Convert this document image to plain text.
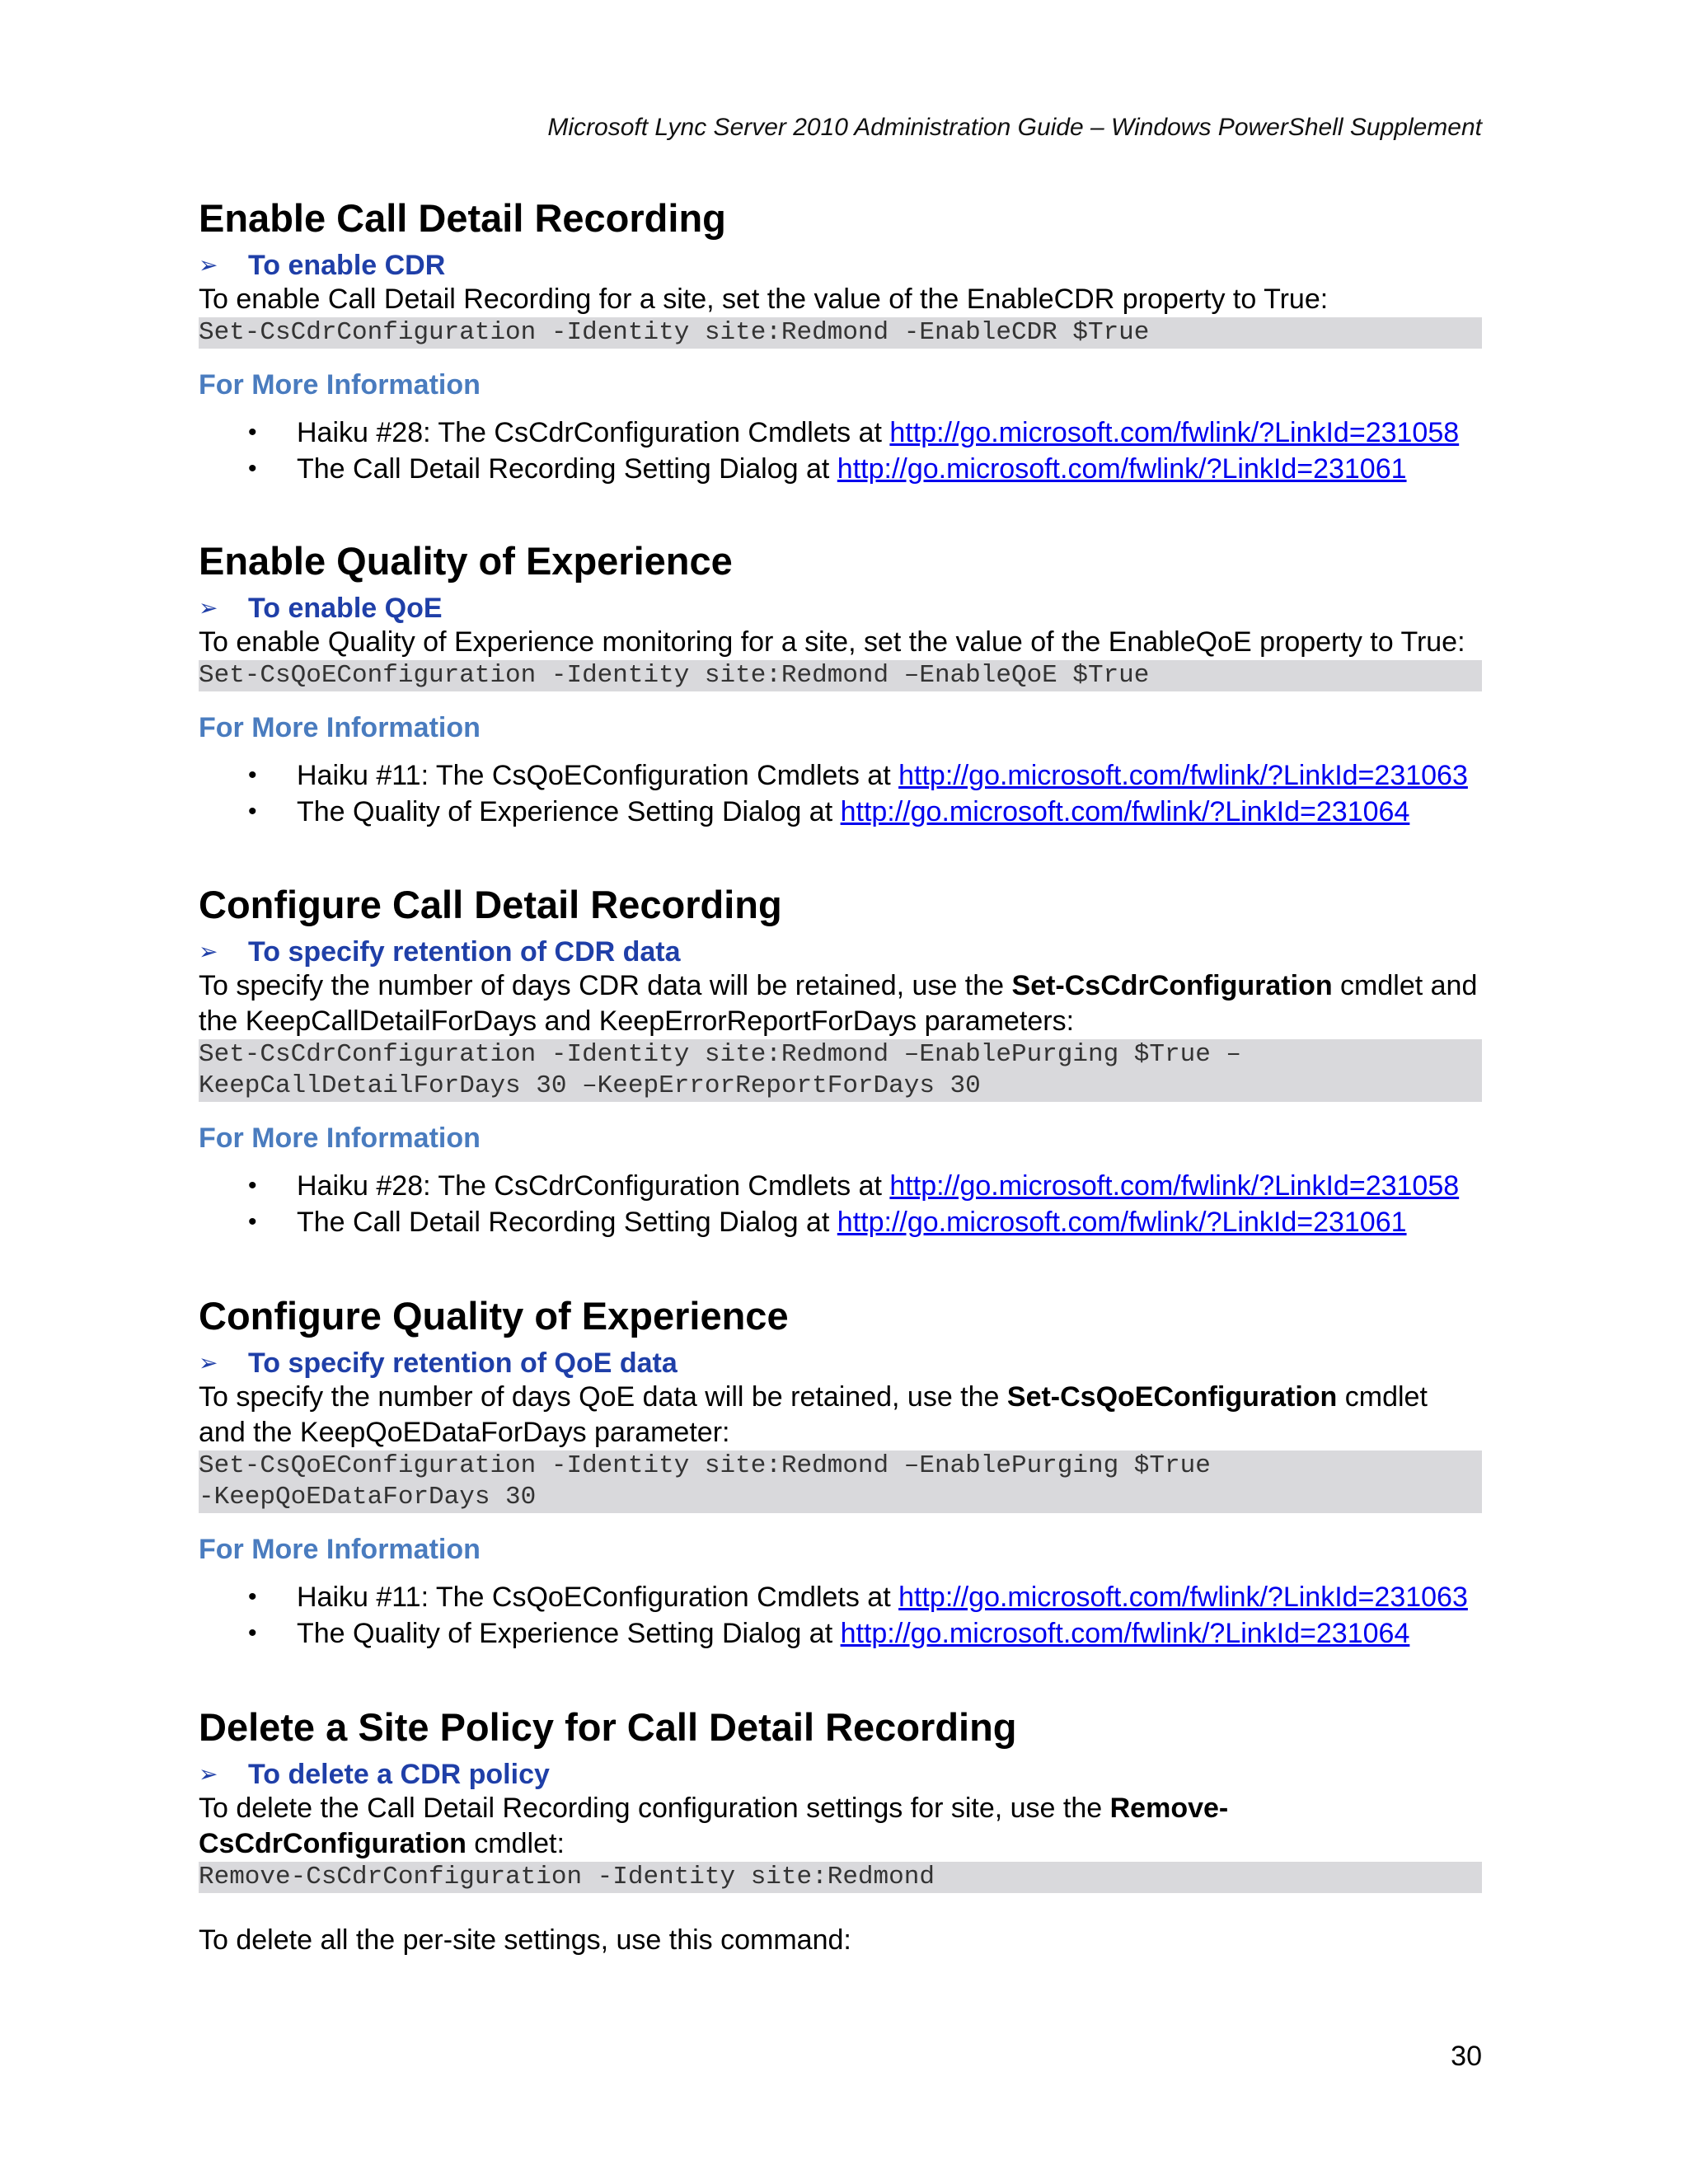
Microsoft Lync Server 2010 Administration Guide – Windows PowerShell Supplement
Enable Call Detail Recording
➢	To enable CDR

To enable Call Detail Recording for a site, set the value of the EnableCDR property to True:

Set-CsCdrConfiguration -Identity site:Redmond -EnableCDR $True
For More Information
• Haiku #28: The CsCdrConfiguration Cmdlets at http://go.microsoft.com/fwlink/?LinkId=231058
• The Call Detail Recording Setting Dialog at http://go.microsoft.com/fwlink/?LinkId=231061
Enable Quality of Experience
➢	To enable QoE

To enable Quality of Experience monitoring for a site, set the value of the EnableQoE property to True:

Set-CsQoEConfiguration -Identity site:Redmond –EnableQoE $True
For More Information
• Haiku #11: The CsQoEConfiguration Cmdlets at http://go.microsoft.com/fwlink/?LinkId=231063
• The Quality of Experience Setting Dialog at http://go.microsoft.com/fwlink/?LinkId=231064
Configure Call Detail Recording
➢	To specify retention of CDR data

To specify the number of days CDR data will be retained, use the Set-CsCdrConfiguration cmdlet and the KeepCallDetailForDays and KeepErrorReportForDays parameters:

Set-CsCdrConfiguration -Identity site:Redmond –EnablePurging $True –
KeepCallDetailForDays 30 –KeepErrorReportForDays 30
For More Information
• Haiku #28: The CsCdrConfiguration Cmdlets at http://go.microsoft.com/fwlink/?LinkId=231058
• The Call Detail Recording Setting Dialog at http://go.microsoft.com/fwlink/?LinkId=231061
Configure Quality of Experience
➢	To specify retention of QoE data

To specify the number of days QoE data will be retained, use the Set-CsQoEConfiguration cmdlet and the KeepQoEDataForDays parameter:

Set-CsQoEConfiguration -Identity site:Redmond –EnablePurging $True
-KeepQoEDataForDays 30
For More Information
• Haiku #11: The CsQoEConfiguration Cmdlets at http://go.microsoft.com/fwlink/?LinkId=231063
• The Quality of Experience Setting Dialog at http://go.microsoft.com/fwlink/?LinkId=231064
Delete a Site Policy for Call Detail Recording
➢	To delete a CDR policy

To delete the Call Detail Recording configuration settings for site, use the Remove-CsCdrConfiguration cmdlet:

Remove-CsCdrConfiguration -Identity site:Redmond

To delete all the per-site settings, use this command:

30
